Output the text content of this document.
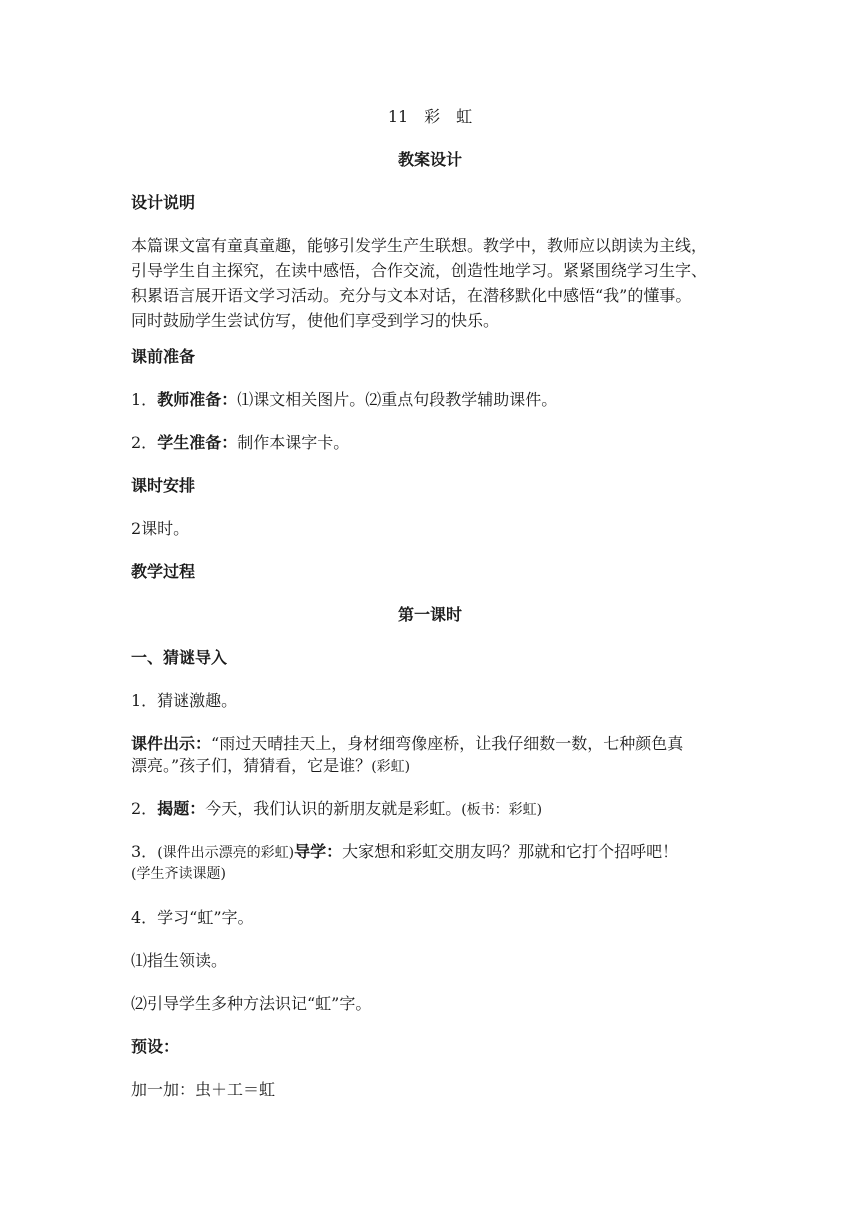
11　彩　虹
教案设计
设计说明
本篇课文富有童真童趣，能够引发学生产生联想。教学中，教师应以朗读为主线，
引导学生自主探究，在读中感悟，合作交流，创造性地学习。紧紧围绕学习生字、
积累语言展开语文学习活动。充分与文本对话，在潜移默化中感悟“我”的懂事。
同时鼓励学生尝试仿写，使他们享受到学习的快乐。
课前准备
1．教师准备：⑴课文相关图片。⑵重点句段教学辅助课件。
2．学生准备：制作本课字卡。
课时安排
2课时。
教学过程
第一课时
一、猜谜导入
1．猜谜激趣。
课件出示：“雨过天晴挂天上，身材细弯像座桥，让我仔细数一数，七种颜色真
漂亮。”孩子们，猜猜看，它是谁？(彩虹)
2．揭题：今天，我们认识的新朋友就是彩虹。(板书：彩虹)
3．(课件出示漂亮的彩虹)导学：大家想和彩虹交朋友吗？那就和它打个招呼吧！
(学生齐读课题)
4．学习“虹”字。
⑴指生领读。
⑵引导学生多种方法识记“虹”字。
预设：
加一加：虫＋工＝虹
